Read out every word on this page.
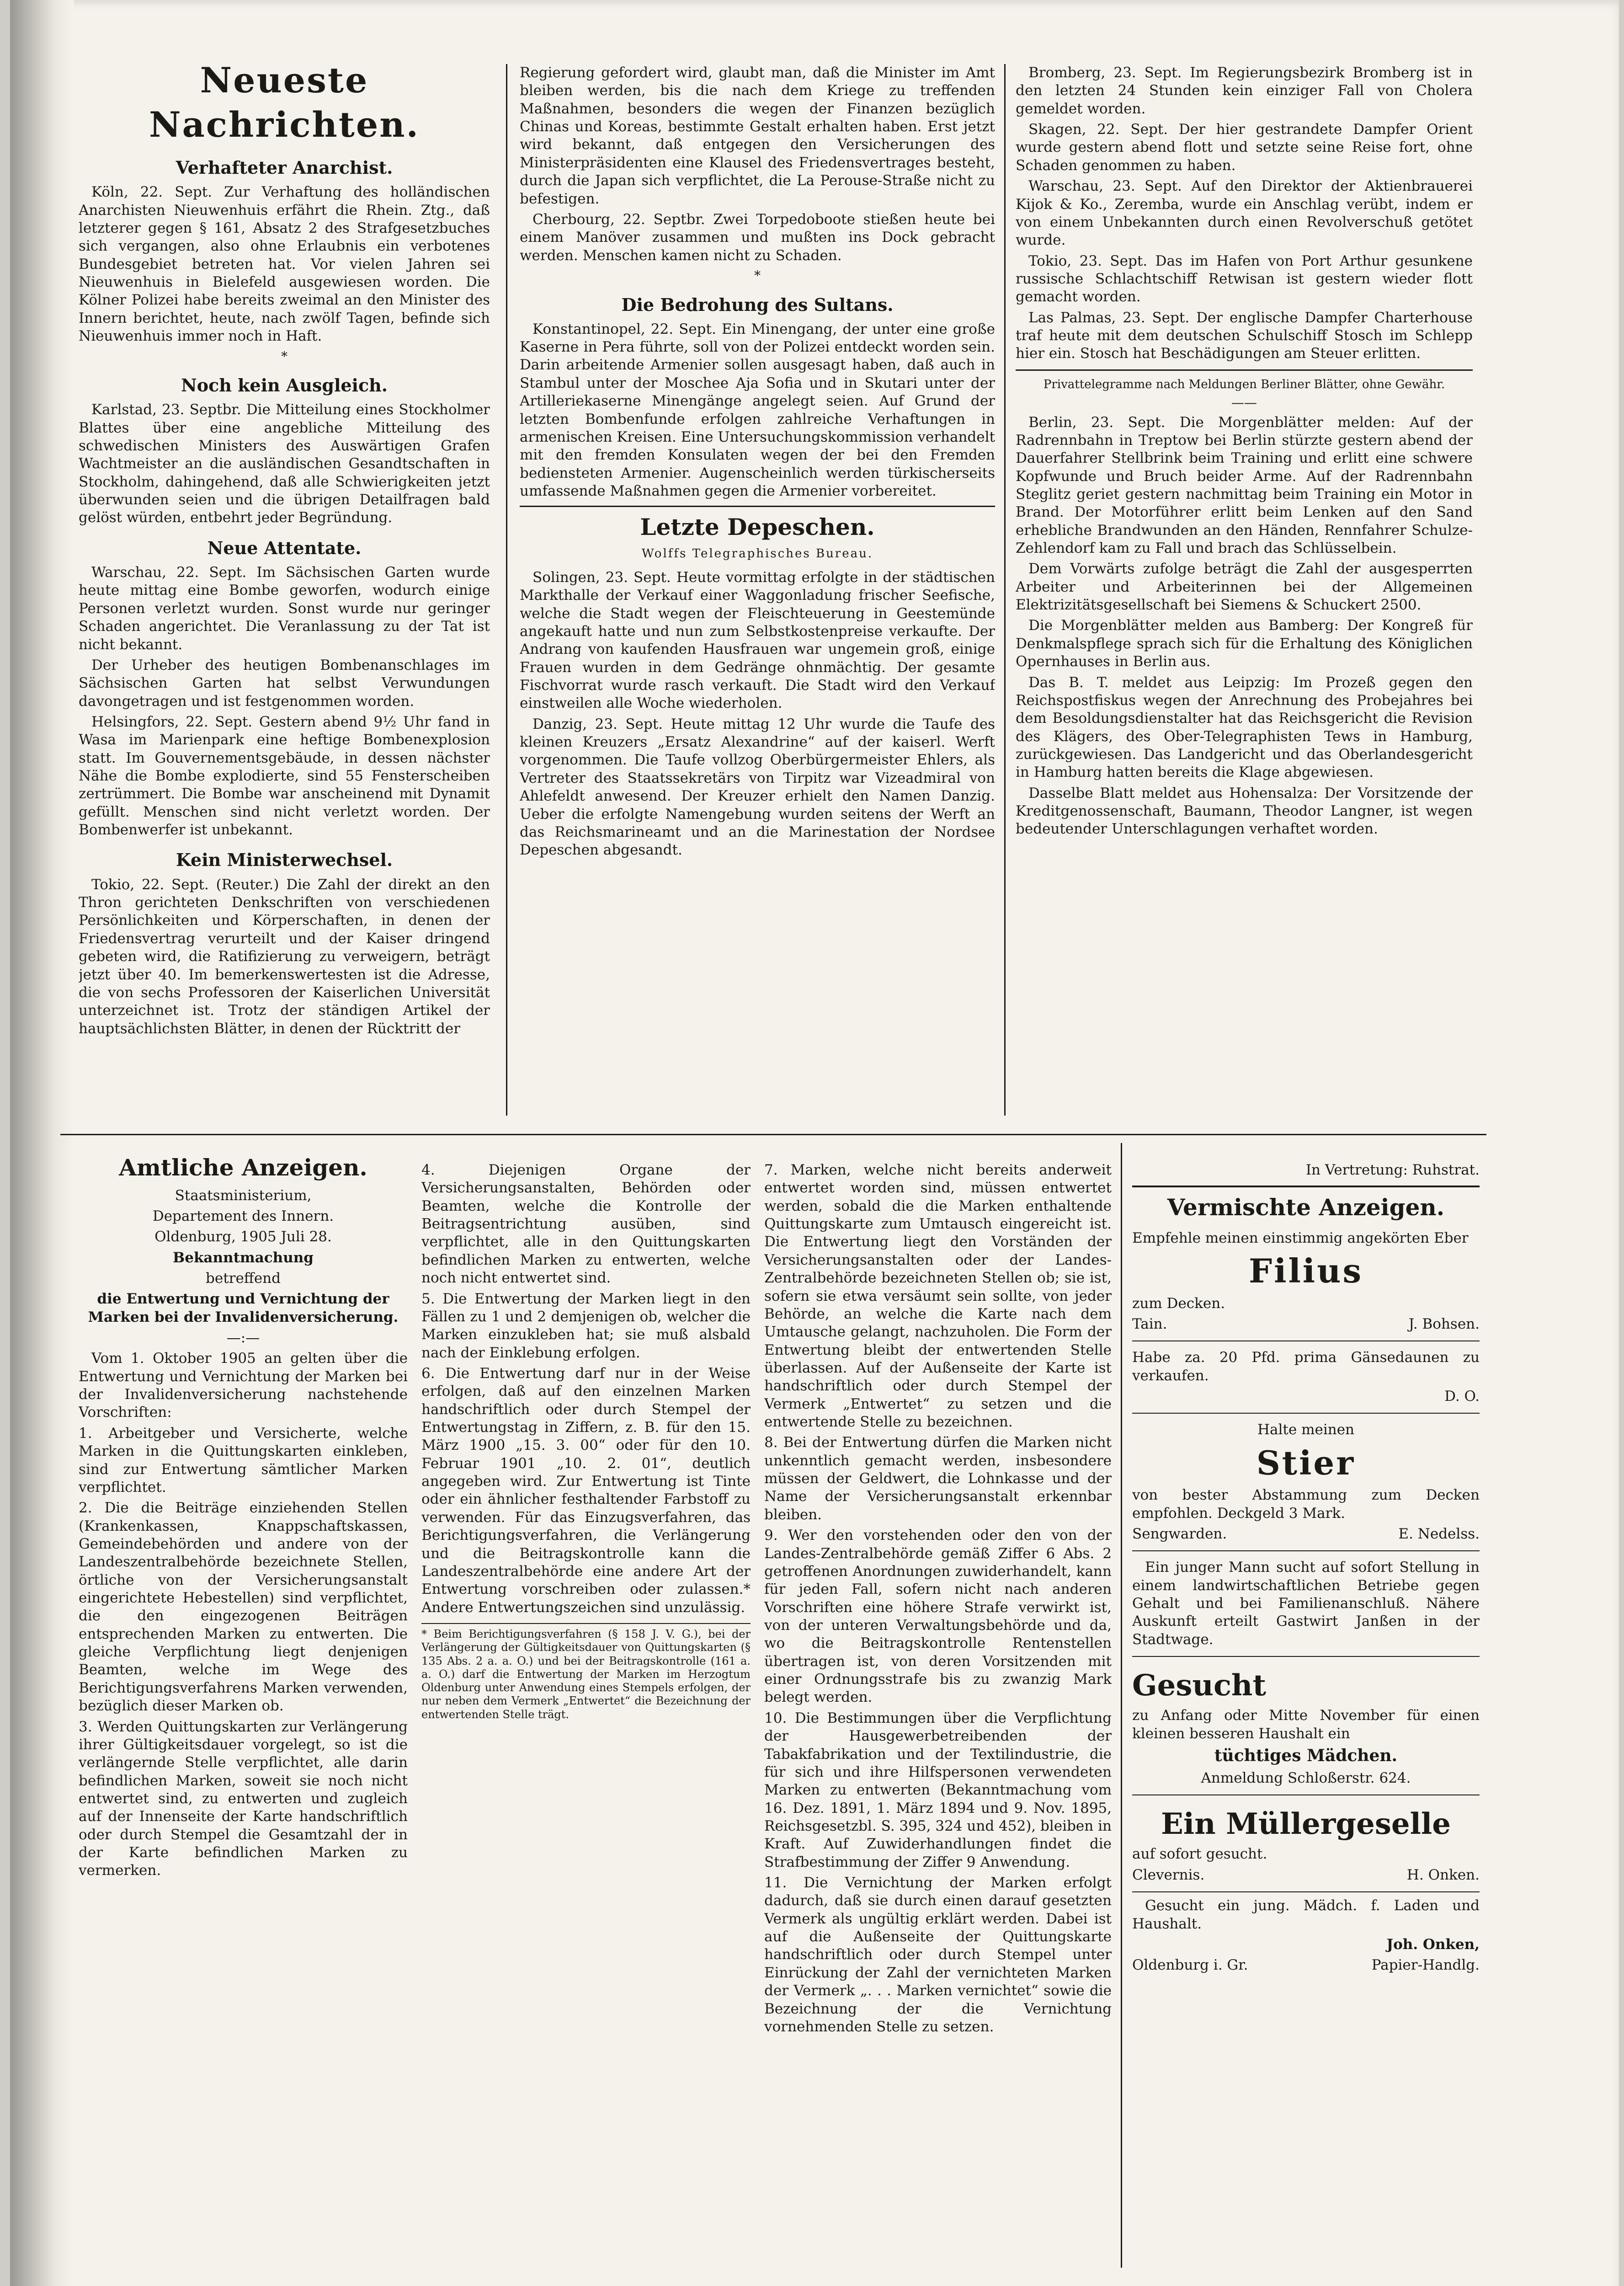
Neueste Nachrichten.
Verhafteter Anarchist.

Köln, 22. Sept. Zur Verhaftung des holländischen Anarchisten Nieuwenhuis erfährt die Rhein. Ztg., daß letzterer gegen § 161, Absatz 2 des Strafgesetzbuches sich vergangen, also ohne Erlaubnis ein verbotenes Bundesgebiet betreten hat. Vor vielen Jahren sei Nieuwenhuis in Bielefeld ausgewiesen worden. Die Kölner Polizei habe bereits zweimal an den Minister des Innern berichtet, heute, nach zwölf Tagen, befinde sich Nieuwenhuis immer noch in Haft.

*
Noch kein Ausgleich.

Karlstad, 23. Septbr. Die Mitteilung eines Stockholmer Blattes über eine angebliche Mitteilung des schwedischen Ministers des Auswärtigen Grafen Wachtmeister an die ausländischen Gesandtschaften in Stockholm, dahingehend, daß alle Schwierigkeiten jetzt überwunden seien und die übrigen Detailfragen bald gelöst würden, entbehrt jeder Begründung.

Neue Attentate.

Warschau, 22. Sept. Im Sächsischen Garten wurde heute mittag eine Bombe geworfen, wodurch einige Personen verletzt wurden. Sonst wurde nur geringer Schaden angerichtet. Die Veranlassung zu der Tat ist nicht bekannt.

Der Urheber des heutigen Bombenanschlages im Sächsischen Garten hat selbst Verwundungen davongetragen und ist festgenommen worden.

Helsingfors, 22. Sept. Gestern abend 9½ Uhr fand in Wasa im Marienpark eine heftige Bombenexplosion statt. Im Gouvernementsgebäude, in dessen nächster Nähe die Bombe explodierte, sind 55 Fensterscheiben zertrümmert. Die Bombe war anscheinend mit Dynamit gefüllt. Menschen sind nicht verletzt worden. Der Bombenwerfer ist unbekannt.

Kein Ministerwechsel.

Tokio, 22. Sept. (Reuter.) Die Zahl der direkt an den Thron gerichteten Denkschriften von verschiedenen Persönlichkeiten und Körperschaften, in denen der Friedensvertrag verurteilt und der Kaiser dringend gebeten wird, die Ratifizierung zu verweigern, beträgt jetzt über 40. Im bemerkenswertesten ist die Adresse, die von sechs Professoren der Kaiserlichen Universität unterzeichnet ist. Trotz der ständigen Artikel der hauptsächlichsten Blätter, in denen der Rücktritt der

Regierung gefordert wird, glaubt man, daß die Minister im Amt bleiben werden, bis die nach dem Kriege zu treffenden Maßnahmen, besonders die wegen der Finanzen bezüglich Chinas und Koreas, bestimmte Gestalt erhalten haben. Erst jetzt wird bekannt, daß entgegen den Versicherungen des Ministerpräsidenten eine Klausel des Friedensvertrages besteht, durch die Japan sich verpflichtet, die La Perouse-Straße nicht zu befestigen.

Cherbourg, 22. Septbr. Zwei Torpedoboote stießen heute bei einem Manöver zusammen und mußten ins Dock gebracht werden. Menschen kamen nicht zu Schaden.

*
Die Bedrohung des Sultans.

Konstantinopel, 22. Sept. Ein Minengang, der unter eine große Kaserne in Pera führte, soll von der Polizei entdeckt worden sein. Darin arbeitende Armenier sollen ausgesagt haben, daß auch in Stambul unter der Moschee Aja Sofia und in Skutari unter der Artilleriekaserne Minengänge angelegt seien. Auf Grund der letzten Bombenfunde erfolgen zahlreiche Verhaftungen in armenischen Kreisen. Eine Untersuchungskommission verhandelt mit den fremden Konsulaten wegen der bei den Fremden bediensteten Armenier. Augenscheinlich werden türkischerseits umfassende Maßnahmen gegen die Armenier vorbereitet.

Letzte Depeschen.
Wolffs Telegraphisches Bureau.

Solingen, 23. Sept. Heute vormittag erfolgte in der städtischen Markthalle der Verkauf einer Waggonladung frischer Seefische, welche die Stadt wegen der Fleischteuerung in Geestemünde angekauft hatte und nun zum Selbstkostenpreise verkaufte. Der Andrang von kaufenden Hausfrauen war ungemein groß, einige Frauen wurden in dem Gedränge ohnmächtig. Der gesamte Fischvorrat wurde rasch verkauft. Die Stadt wird den Verkauf einstweilen alle Woche wiederholen.

Danzig, 23. Sept. Heute mittag 12 Uhr wurde die Taufe des kleinen Kreuzers „Ersatz Alexandrine“ auf der kaiserl. Werft vorgenommen. Die Taufe vollzog Oberbürgermeister Ehlers, als Vertreter des Staatssekretärs von Tirpitz war Vizeadmiral von Ahlefeldt anwesend. Der Kreuzer erhielt den Namen Danzig. Ueber die erfolgte Namengebung wurden seitens der Werft an das Reichsmarineamt und an die Marinestation der Nordsee Depeschen abgesandt.

Bromberg, 23. Sept. Im Regierungsbezirk Bromberg ist in den letzten 24 Stunden kein einziger Fall von Cholera gemeldet worden.

Skagen, 22. Sept. Der hier gestrandete Dampfer Orient wurde gestern abend flott und setzte seine Reise fort, ohne Schaden genommen zu haben.

Warschau, 23. Sept. Auf den Direktor der Aktienbrauerei Kijok & Ko., Zeremba, wurde ein Anschlag verübt, indem er von einem Unbekannten durch einen Revolverschuß getötet wurde.

Tokio, 23. Sept. Das im Hafen von Port Arthur gesunkene russische Schlachtschiff Retwisan ist gestern wieder flott gemacht worden.

Las Palmas, 23. Sept. Der englische Dampfer Charterhouse traf heute mit dem deutschen Schulschiff Stosch im Schlepp hier ein. Stosch hat Beschädigungen am Steuer erlitten.

Privattelegramme nach Meldungen Berliner Blätter, ohne Gewähr.

——

Berlin, 23. Sept. Die Morgenblätter melden: Auf der Radrennbahn in Treptow bei Berlin stürzte gestern abend der Dauerfahrer Stellbrink beim Training und erlitt eine schwere Kopfwunde und Bruch beider Arme. Auf der Radrennbahn Steglitz geriet gestern nachmittag beim Training ein Motor in Brand. Der Motorführer erlitt beim Lenken auf den Sand erhebliche Brandwunden an den Händen, Rennfahrer Schulze-Zehlendorf kam zu Fall und brach das Schlüsselbein.

Dem Vorwärts zufolge beträgt die Zahl der ausgesperrten Arbeiter und Arbeiterinnen bei der Allgemeinen Elektrizitätsgesellschaft bei Siemens & Schuckert 2500.

Die Morgenblätter melden aus Bamberg: Der Kongreß für Denkmalspflege sprach sich für die Erhaltung des Königlichen Opernhauses in Berlin aus.

Das B. T. meldet aus Leipzig: Im Prozeß gegen den Reichspostfiskus wegen der Anrechnung des Probejahres bei dem Besoldungsdienstalter hat das Reichsgericht die Revision des Klägers, des Ober-Telegraphisten Tews in Hamburg, zurückgewiesen. Das Landgericht und das Oberlandesgericht in Hamburg hatten bereits die Klage abgewiesen.

Dasselbe Blatt meldet aus Hohensalza: Der Vorsitzende der Kreditgenossenschaft, Baumann, Theodor Langner, ist wegen bedeutender Unterschlagungen verhaftet worden.

Amtliche Anzeigen.

Staatsministerium,

Departement des Innern.

Oldenburg, 1905 Juli 28.

Bekanntmachung

betreffend

die Entwertung und Vernichtung der Marken bei der Invalidenversicherung.

—:—

Vom 1. Oktober 1905 an gelten über die Entwertung und Vernichtung der Marken bei der Invalidenversicherung nachstehende Vorschriften:

1. Arbeitgeber und Versicherte, welche Marken in die Quittungskarten einkleben, sind zur Entwertung sämtlicher Marken verpflichtet.

2. Die die Beiträge einziehenden Stellen (Krankenkassen, Knappschaftskassen, Gemeindebehörden und andere von der Landeszentralbehörde bezeichnete Stellen, örtliche von der Versicherungsanstalt eingerichtete Hebestellen) sind verpflichtet, die den eingezogenen Beiträgen entsprechenden Marken zu entwerten. Die gleiche Verpflichtung liegt denjenigen Beamten, welche im Wege des Berichtigungsverfahrens Marken verwenden, bezüglich dieser Marken ob.

3. Werden Quittungskarten zur Verlängerung ihrer Gültigkeitsdauer vorgelegt, so ist die verlängernde Stelle verpflichtet, alle darin befindlichen Marken, soweit sie noch nicht entwertet sind, zu entwerten und zugleich auf der Innenseite der Karte handschriftlich oder durch Stempel die Gesamtzahl der in der Karte befindlichen Marken zu vermerken.

4. Diejenigen Organe der Versicherungsanstalten, Behörden oder Beamten, welche die Kontrolle der Beitragsentrichtung ausüben, sind verpflichtet, alle in den Quittungskarten befindlichen Marken zu entwerten, welche noch nicht entwertet sind.

5. Die Entwertung der Marken liegt in den Fällen zu 1 und 2 demjenigen ob, welcher die Marken einzukleben hat; sie muß alsbald nach der Einklebung erfolgen.

6. Die Entwertung darf nur in der Weise erfolgen, daß auf den einzelnen Marken handschriftlich oder durch Stempel der Entwertungstag in Ziffern, z. B. für den 15. März 1900 „15. 3. 00“ oder für den 10. Februar 1901 „10. 2. 01“, deutlich angegeben wird. Zur Entwertung ist Tinte oder ein ähnlicher festhaltender Farbstoff zu verwenden. Für das Einzugsverfahren, das Berichtigungsverfahren, die Verlängerung und die Beitragskontrolle kann die Landeszentralbehörde eine andere Art der Entwertung vorschreiben oder zulassen.* Andere Entwertungszeichen sind unzulässig.

* Beim Berichtigungsverfahren (§ 158 J. V. G.), bei der Verlängerung der Gültigkeitsdauer von Quittungskarten (§ 135 Abs. 2 a. a. O.) und bei der Beitragskontrolle (161 a. a. O.) darf die Entwertung der Marken im Herzogtum Oldenburg unter Anwendung eines Stempels erfolgen, der nur neben dem Vermerk „Entwertet“ die Bezeichnung der entwertenden Stelle trägt.

7. Marken, welche nicht bereits anderweit entwertet worden sind, müssen entwertet werden, sobald die die Marken enthaltende Quittungskarte zum Umtausch eingereicht ist. Die Entwertung liegt den Vorständen der Versicherungsanstalten oder der Landes-Zentralbehörde bezeichneten Stellen ob; sie ist, sofern sie etwa versäumt sein sollte, von jeder Behörde, an welche die Karte nach dem Umtausche gelangt, nachzuholen. Die Form der Entwertung bleibt der entwertenden Stelle überlassen. Auf der Außenseite der Karte ist handschriftlich oder durch Stempel der Vermerk „Entwertet“ zu setzen und die entwertende Stelle zu bezeichnen.

8. Bei der Entwertung dürfen die Marken nicht unkenntlich gemacht werden, insbesondere müssen der Geldwert, die Lohnkasse und der Name der Versicherungsanstalt erkennbar bleiben.

9. Wer den vorstehenden oder den von der Landes-Zentralbehörde gemäß Ziffer 6 Abs. 2 getroffenen Anordnungen zuwiderhandelt, kann für jeden Fall, sofern nicht nach anderen Vorschriften eine höhere Strafe verwirkt ist, von der unteren Verwaltungsbehörde und da, wo die Beitragskontrolle Rentenstellen übertragen ist, von deren Vorsitzenden mit einer Ordnungsstrafe bis zu zwanzig Mark belegt werden.

10. Die Bestimmungen über die Verpflichtung der Hausgewerbetreibenden der Tabakfabrikation und der Textilindustrie, die für sich und ihre Hilfspersonen verwendeten Marken zu entwerten (Bekanntmachung vom 16. Dez. 1891, 1. März 1894 und 9. Nov. 1895, Reichsgesetzbl. S. 395, 324 und 452), bleiben in Kraft. Auf Zuwiderhandlungen findet die Strafbestimmung der Ziffer 9 Anwendung.

11. Die Vernichtung der Marken erfolgt dadurch, daß sie durch einen darauf gesetzten Vermerk als ungültig erklärt werden. Dabei ist auf die Außenseite der Quittungskarte handschriftlich oder durch Stempel unter Einrückung der Zahl der vernichteten Marken der Vermerk „. . . Marken vernichtet“ sowie die Bezeichnung der die Vernichtung vornehmenden Stelle zu setzen.

In Vertretung: Ruhstrat.

Vermischte Anzeigen.

Empfehle meinen einstimmig angekörten Eber

Filius

zum Decken.

Tain.	J. Bohsen.

Habe za. 20 Pfd. prima Gänsedaunen zu verkaufen.

D. O.

Halte meinen

Stier

von bester Abstammung zum Decken empfohlen. Deckgeld 3 Mark.

Sengwarden.	E. Nedelss.

Ein junger Mann sucht auf sofort Stellung in einem landwirtschaftlichen Betriebe gegen Gehalt und bei Familienanschluß. Nähere Auskunft erteilt Gastwirt Janßen in der Stadtwage.

Gesucht

zu Anfang oder Mitte November für einen kleinen besseren Haushalt ein

tüchtiges Mädchen.

Anmeldung Schloßerstr. 624.

Ein Müllergeselle

auf sofort gesucht.

Clevernis.	H. Onken.

Gesucht ein jung. Mädch. f. Laden und Haushalt.

Joh. Onken,

Oldenburg i. Gr.	Papier-Handlg.
